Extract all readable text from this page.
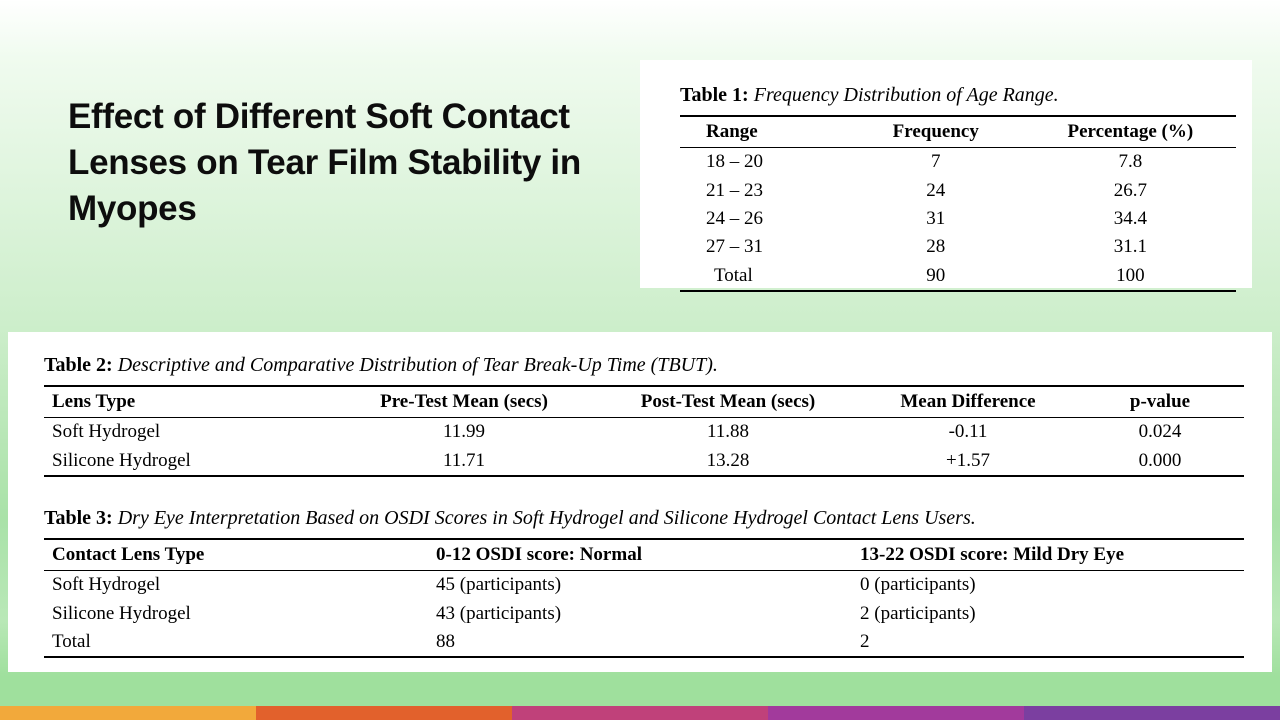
Effect of Different Soft Contact Lenses on Tear Film Stability in Myopes
Table 1: Frequency Distribution of Age Range.
Range	Frequency	Percentage (%)
18 – 20	7	7.8
21 – 23	24	26.7
24 – 26	31	34.4
27 – 31	28	31.1
Total	90	100
Table 2: Descriptive and Comparative Distribution of Tear Break-Up Time (TBUT).
Lens Type	Pre-Test Mean (secs)	Post-Test Mean (secs)	Mean Difference	p-value
Soft Hydrogel	11.99	11.88	-0.11	0.024
Silicone Hydrogel	11.71	13.28	+1.57	0.000
Table 3: Dry Eye Interpretation Based on OSDI Scores in Soft Hydrogel and Silicone Hydrogel Contact Lens Users.
Contact Lens Type	0-12 OSDI score: Normal	13-22 OSDI score: Mild Dry Eye
Soft Hydrogel	45 (participants)	0 (participants)
Silicone Hydrogel	43 (participants)	2 (participants)
Total	88	2
